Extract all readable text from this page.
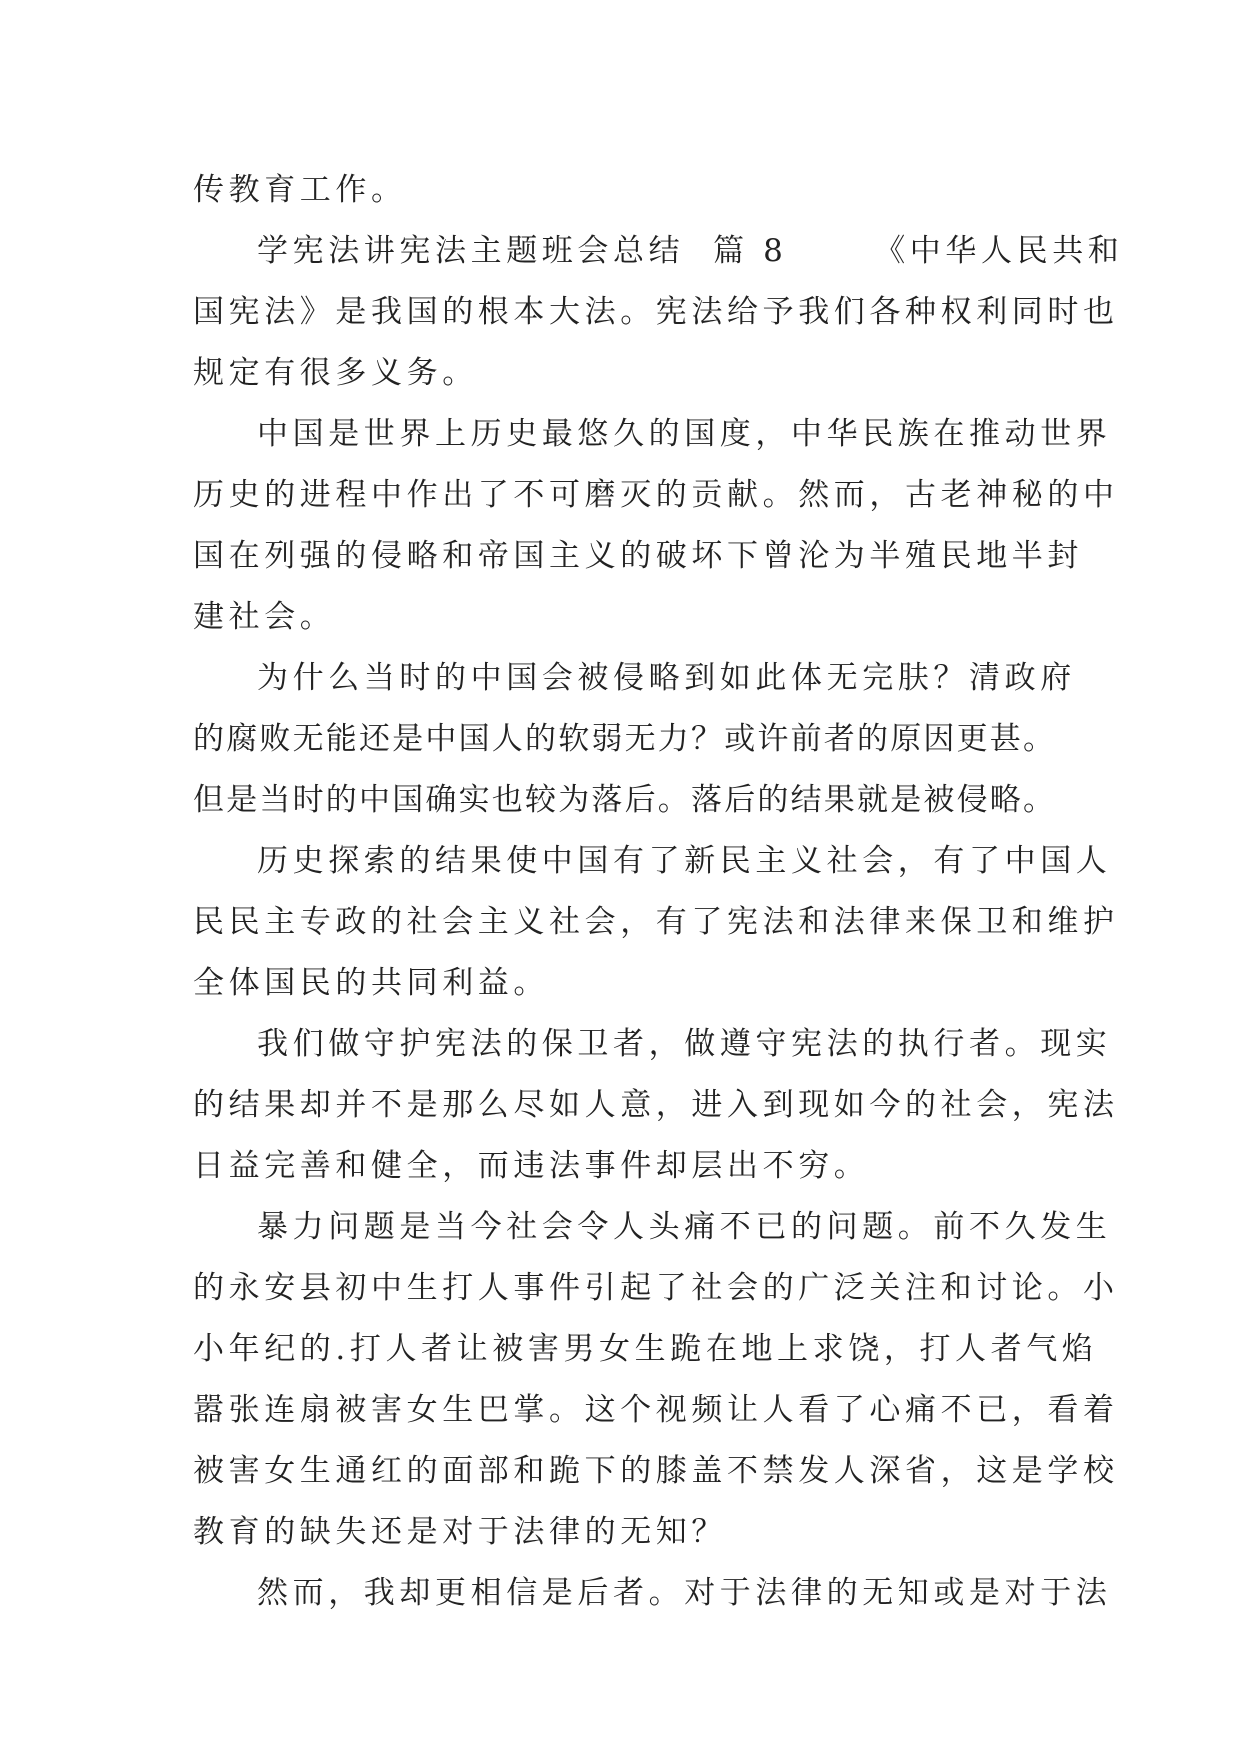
传教育工作。
学宪法讲宪法主题班会总结  篇 8      《中华人民共和
国宪法》是我国的根本大法。宪法给予我们各种权利同时也
规定有很多义务。
中国是世界上历史最悠久的国度，中华民族在推动世界
历史的进程中作出了不可磨灭的贡献。然而，古老神秘的中
国在列强的侵略和帝国主义的破坏下曾沦为半殖民地半封
建社会。
为什么当时的中国会被侵略到如此体无完肤？清政府
的腐败无能还是中国人的软弱无力？或许前者的原因更甚。
但是当时的中国确实也较为落后。落后的结果就是被侵略。
历史探索的结果使中国有了新民主义社会，有了中国人
民民主专政的社会主义社会，有了宪法和法律来保卫和维护
全体国民的共同利益。
我们做守护宪法的保卫者，做遵守宪法的执行者。现实
的结果却并不是那么尽如人意，进入到现如今的社会，宪法
日益完善和健全，而违法事件却层出不穷。
暴力问题是当今社会令人头痛不已的问题。前不久发生
的永安县初中生打人事件引起了社会的广泛关注和讨论。小
小年纪的.打人者让被害男女生跪在地上求饶，打人者气焰
嚣张连扇被害女生巴掌。这个视频让人看了心痛不已，看着
被害女生通红的面部和跪下的膝盖不禁发人深省，这是学校
教育的缺失还是对于法律的无知？
然而，我却更相信是后者。对于法律的无知或是对于法
